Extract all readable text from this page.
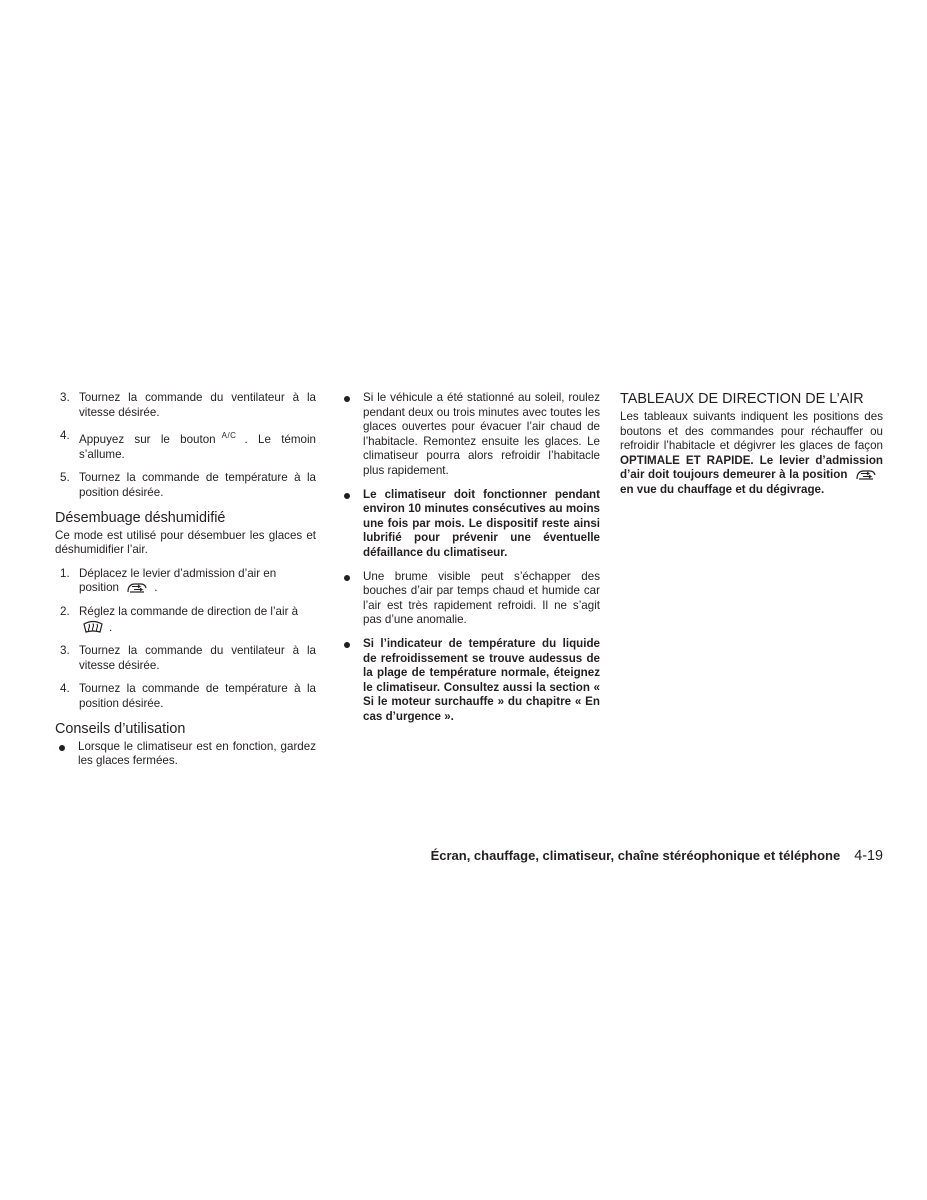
3. Tournez la commande du ventilateur à la vitesse désirée.
4. Appuyez sur le bouton $^{A/C}$ . Le témoin s’allume.
5. Tournez la commande de température à la position désirée.
Désembuage déshumidifié
Ce mode est utilisé pour désembuer les glaces et déshumidifier l’air.
1. Déplacez le levier d’admission d’air en position	.
2. Réglez la commande de direction de l’air à
.
3. Tournez la commande du ventilateur à la vitesse désirée.
4. Tournez la commande de température à la position désirée.
Conseils d’utilisation
Lorsque le climatiseur est en fonction, gardez les glaces fermées.
Si le véhicule a été stationné au soleil, roulez pendant deux ou trois minutes avec toutes les glaces ouvertes pour évacuer l’air chaud de l’habitacle. Remontez ensuite les glaces. Le climatiseur pourra alors refroidir l’habitacle plus rapidement.
Le climatiseur doit fonctionner pendant environ 10 minutes consécutives au moins une fois par mois. Le dispositif reste ainsi lubrifié pour prévenir une éventuelle défaillance du climatiseur.
Une brume visible peut s’échapper des bouches d’air par temps chaud et humide car l’air est très rapidement refroidi. Il ne s’agit pas d’une anomalie.
Si l’indicateur de température du liquide de refroidissement se trouve audessus de la plage de température normale, éteignez le climatiseur. Consultez aussi la section « Si le moteur surchauffe » du chapitre « En cas d’urgence ».
TABLEAUX DE DIRECTION DE L’AIR
Les tableaux suivants indiquent les positions des boutons et des commandes pour réchauffer ou refroidir l’habitacle et dégivrer les glaces de façon OPTIMALE ET RAPIDE. Le levier d’admission d’air doit toujours demeurer à la position
en vue du chauffage et du dégivrage.
Écran, chauffage, climatiseur, chaîne stéréophonique et téléphone 4-19
